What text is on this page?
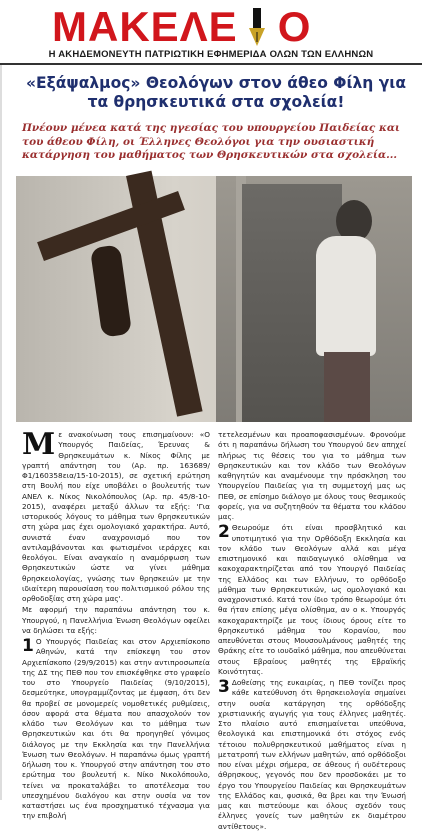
ΜΑΚΕΛΕ Ο
Η ΑΚΗΔΕΜΟΝΕΥΤΗ ΠΑΤΡΙΩΤΙΚΗ ΕΦΗΜΕΡΙΔΑ ΟΛΩΝ ΤΩΝ ΕΛΛΗΝΩΝ
«Εξάψαλμος» Θεολόγων στον άθεο Φίλη για τα θρησκευτικά στα σχολεία!
Πνέουν μένεα κατά της ηγεσίας του υπουργείου Παιδείας και του άθεου Φίλη, οι Έλληνες Θεολόγοι για την ουσιαστική κατάργηση του μαθήματος των Θρησκευτικών στα σχολεία...

Με ανακοίνωση τους επισημαίνουν: «Ο Υπουργός Παιδείας, Έρευνας & Θρησκευμάτων κ. Νίκος Φίλης με γραπτή απάντηση του (Αρ. πρ. 163689/Φ1/160358εια/15-10-2015), σε σχετική ερώτηση στη Βουλή που είχε υποβάλει ο βουλευτής των ΑΝΕΛ κ. Νίκος Νικολόπουλος (Αρ. πρ. 45/8-10-2015), αναφέρει μεταξύ άλλων τα εξής: 'Για ιστορικούς λόγους το μάθημα των θρησκευτικών στη χώρα μας έχει ομολογιακό χαρακτήρα. Αυτό, συνιστά έναν αναχρονισμό που τον αντιλαμβάνονται και φωτισμένοι ιεράρχες και θεολόγοι. Είναι αναγκαίο η αναμόρφωση των Θρησκευτικών ώστε να γίνει μάθημα θρησκειολογίας, γνώσης των θρησκειών με την ιδιαίτερη παρουσίαση του πολιτισμικού ρόλου της ορθοδοξίας στη χώρα μας'.

Με αφορμή την παραπάνω απάντηση του κ. Υπουργού, η Πανελλήνια Ένωση Θεολόγων οφείλει να δηλώσει τα εξής:

1 Ο Υπουργός Παιδείας και στον Αρχιεπίσκοπο Αθηνών, κατά την επίσκεψη του στον Αρχιεπίσκοπο (29/9/2015) και στην αντιπροσωπεία της ΔΣ της ΠΕΘ που τον επισκέφθηκε στο γραφείο του στο Υπουργείο Παιδείας (9/10/2015), δεσμεύτηκε, υπογραμμίζοντας με έμφαση, ότι δεν θα προβεί σε μονομερείς νομοθετικές ρυθμίσεις, όσον αφορά στα θέματα που απασχολούν τον κλάδο των Θεολόγων και το μάθημα των Θρησκευτικών και ότι θα προηγηθεί γόνιμος διάλογος με την Εκκλησία και την Πανελλήνια Ένωση των Θεολόγων. Η παραπάνω όμως γραπτή δήλωση του κ. Υπουργού στην απάντηση του στο ερώτημα του βουλευτή κ. Νίκο Νικολόπουλο, τείνει να προκαταλάβει το αποτέλεσμα του υπεσχημένου διαλόγου και στην ουσία να τον καταστήσει ως ένα προσχηματικό τέχνασμα για την επιβολή

τετελεσμένων και προαποφασισμένων. Φρονούμε ότι η παραπάνω δήλωση του Υπουργού δεν απηχεί πλήρως τις θέσεις του για το μάθημα των Θρησκευτικών και τον κλάδο των Θεολόγων καθηγητών και αναμένουμε την πρόσκληση του Υπουργείου Παιδείας για τη συμμετοχή μας ως ΠΕΘ, σε επίσημο διάλογο με όλους τους θεσμικούς φορείς, για να συζητηθούν τα θέματα του κλάδου μας.

2 Θεωρούμε ότι είναι προσβλητικό και υποτιμητικό για την Ορθόδοξη Εκκλησία και τον κλάδο των Θεολόγων αλλά και μέγα επιστημονικό και παιδαγωγικό ολίσθημα να κακοχαρακτηρίζεται από τον Υπουργό Παιδείας της Ελλάδος και των Ελλήνων, το ορθόδοξο μάθημα των Θρησκευτικών, ως ομολογιακό και αναχρονιστικό. Κατά τον ίδιο τρόπο θεωρούμε ότι θα ήταν επίσης μέγα ολίσθημα, αν ο κ. Υπουργός κακοχαρακτηρίζε με τους ίδιους όρους είτε το θρησκευτικό μάθημα του Κορανίου, που απευθύνεται στους Μουσουλμάνους μαθητές της Θράκης είτε το ιουδαϊκό μάθημα, που απευθύνεται στους Εβραίους μαθητές της Εβραϊκής Κοινότητας.

3 Δοθείσης της ευκαιρίας, η ΠΕΘ τονίζει προς κάθε κατεύθυνση ότι θρησκειολογία σημαίνει στην ουσία κατάργηση της ορθόδοξης χριστιανικής αγωγής για τους έλληνες μαθητές. Στο πλαίσιο αυτό επισημαίνεται υπεύθυνα, θεολογικά και επιστημονικά ότι στόχος ενός τέτοιου πολυθρησκευτικού μαθήματος είναι η μετατροπή των ελλήνων μαθητών, από ορθόδοξοι που είναι μέχρι σήμερα, σε άθεους ή ουδέτερους άθρησκους, γεγονός που δεν προσδοκάει με το έργο του Υπουργείου Παιδείας και Θρησκευμάτων της Ελλάδος και, φυσικά, θα βρει και την Ένωσή μας και πιστεύουμε και όλους σχεδόν τους έλληνες γονείς των μαθητών εκ διαμέτρου αντίθετους».
